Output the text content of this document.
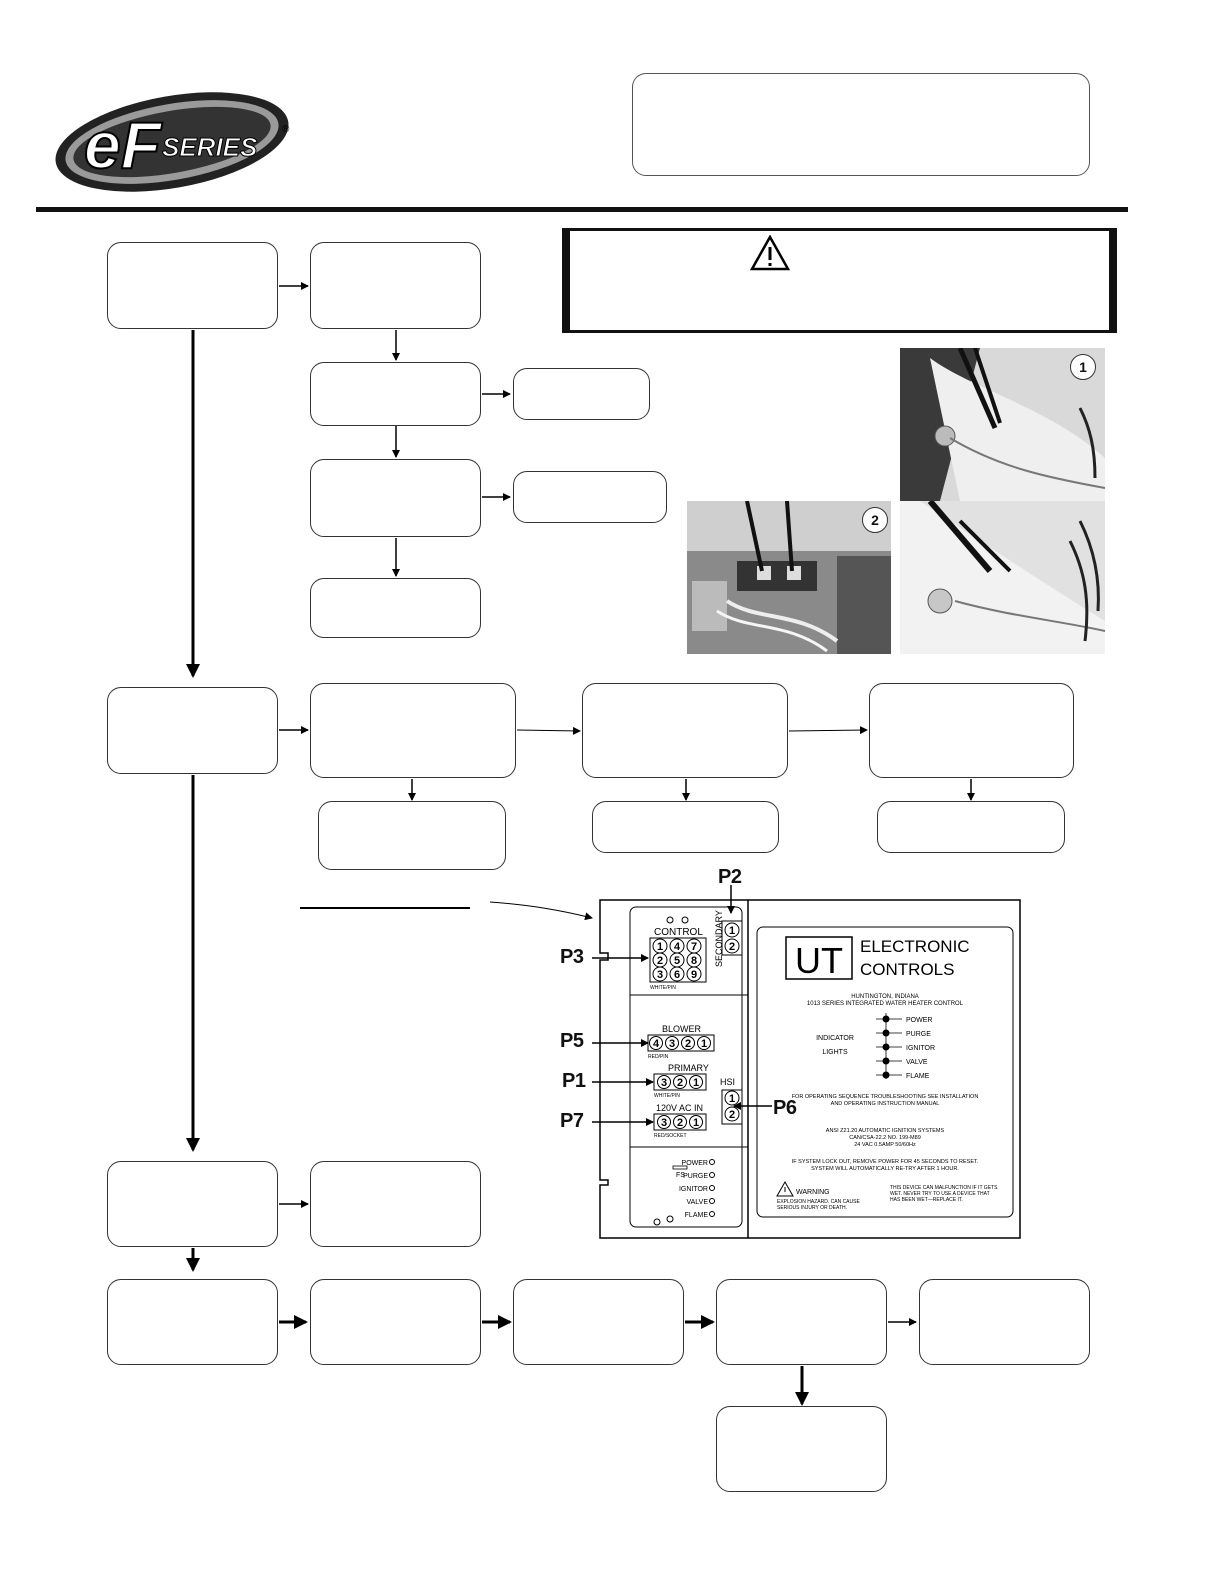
eF SERIES
®
1
2
P2
P3
P5
P1
P7
P6
CONTROL
1 4 7
2 5 8
3 6 9
WHITE/PIN
SECONDARY 1
2
BLOWER
4 3 2 1
RED/PIN
PRIMARY
3 2 1
WHITE/PIN
HSI
1
2
120V AC IN
3 2 1
RED/SOCKET
POWER
PURGE
IGNITOR
VALVE
FLAME
FS
UT ELECTRONIC
CONTROLS
HUNTINGTON, INDIANA
1013 SERIES INTEGRATED WATER HEATER CONTROL
INDICATOR
LIGHTS
POWER
PURGE
IGNITOR
VALVE
FLAME
FOR OPERATING SEQUENCE TROUBLESHOOTING SEE INSTALLATION
AND OPERATING INSTRUCTION MANUAL
ANSI Z21.20 AUTOMATIC IGNITION SYSTEMS
CAN/CSA-22.2 NO. 199-M89
24 VAC 0.5AMP 50/60Hz
IF SYSTEM LOCK OUT, REMOVE POWER FOR 45 SECONDS TO RESET.
SYSTEM WILL AUTOMATICALLY RE-TRY AFTER 1 HOUR.
WARNING
EXPLOSION HAZARD. CAN CAUSE
SERIOUS INJURY OR DEATH.
THIS DEVICE CAN MALFUNCTION IF IT GETS
WET. NEVER TRY TO USE A DEVICE THAT
HAS BEEN WET—REPLACE IT.
